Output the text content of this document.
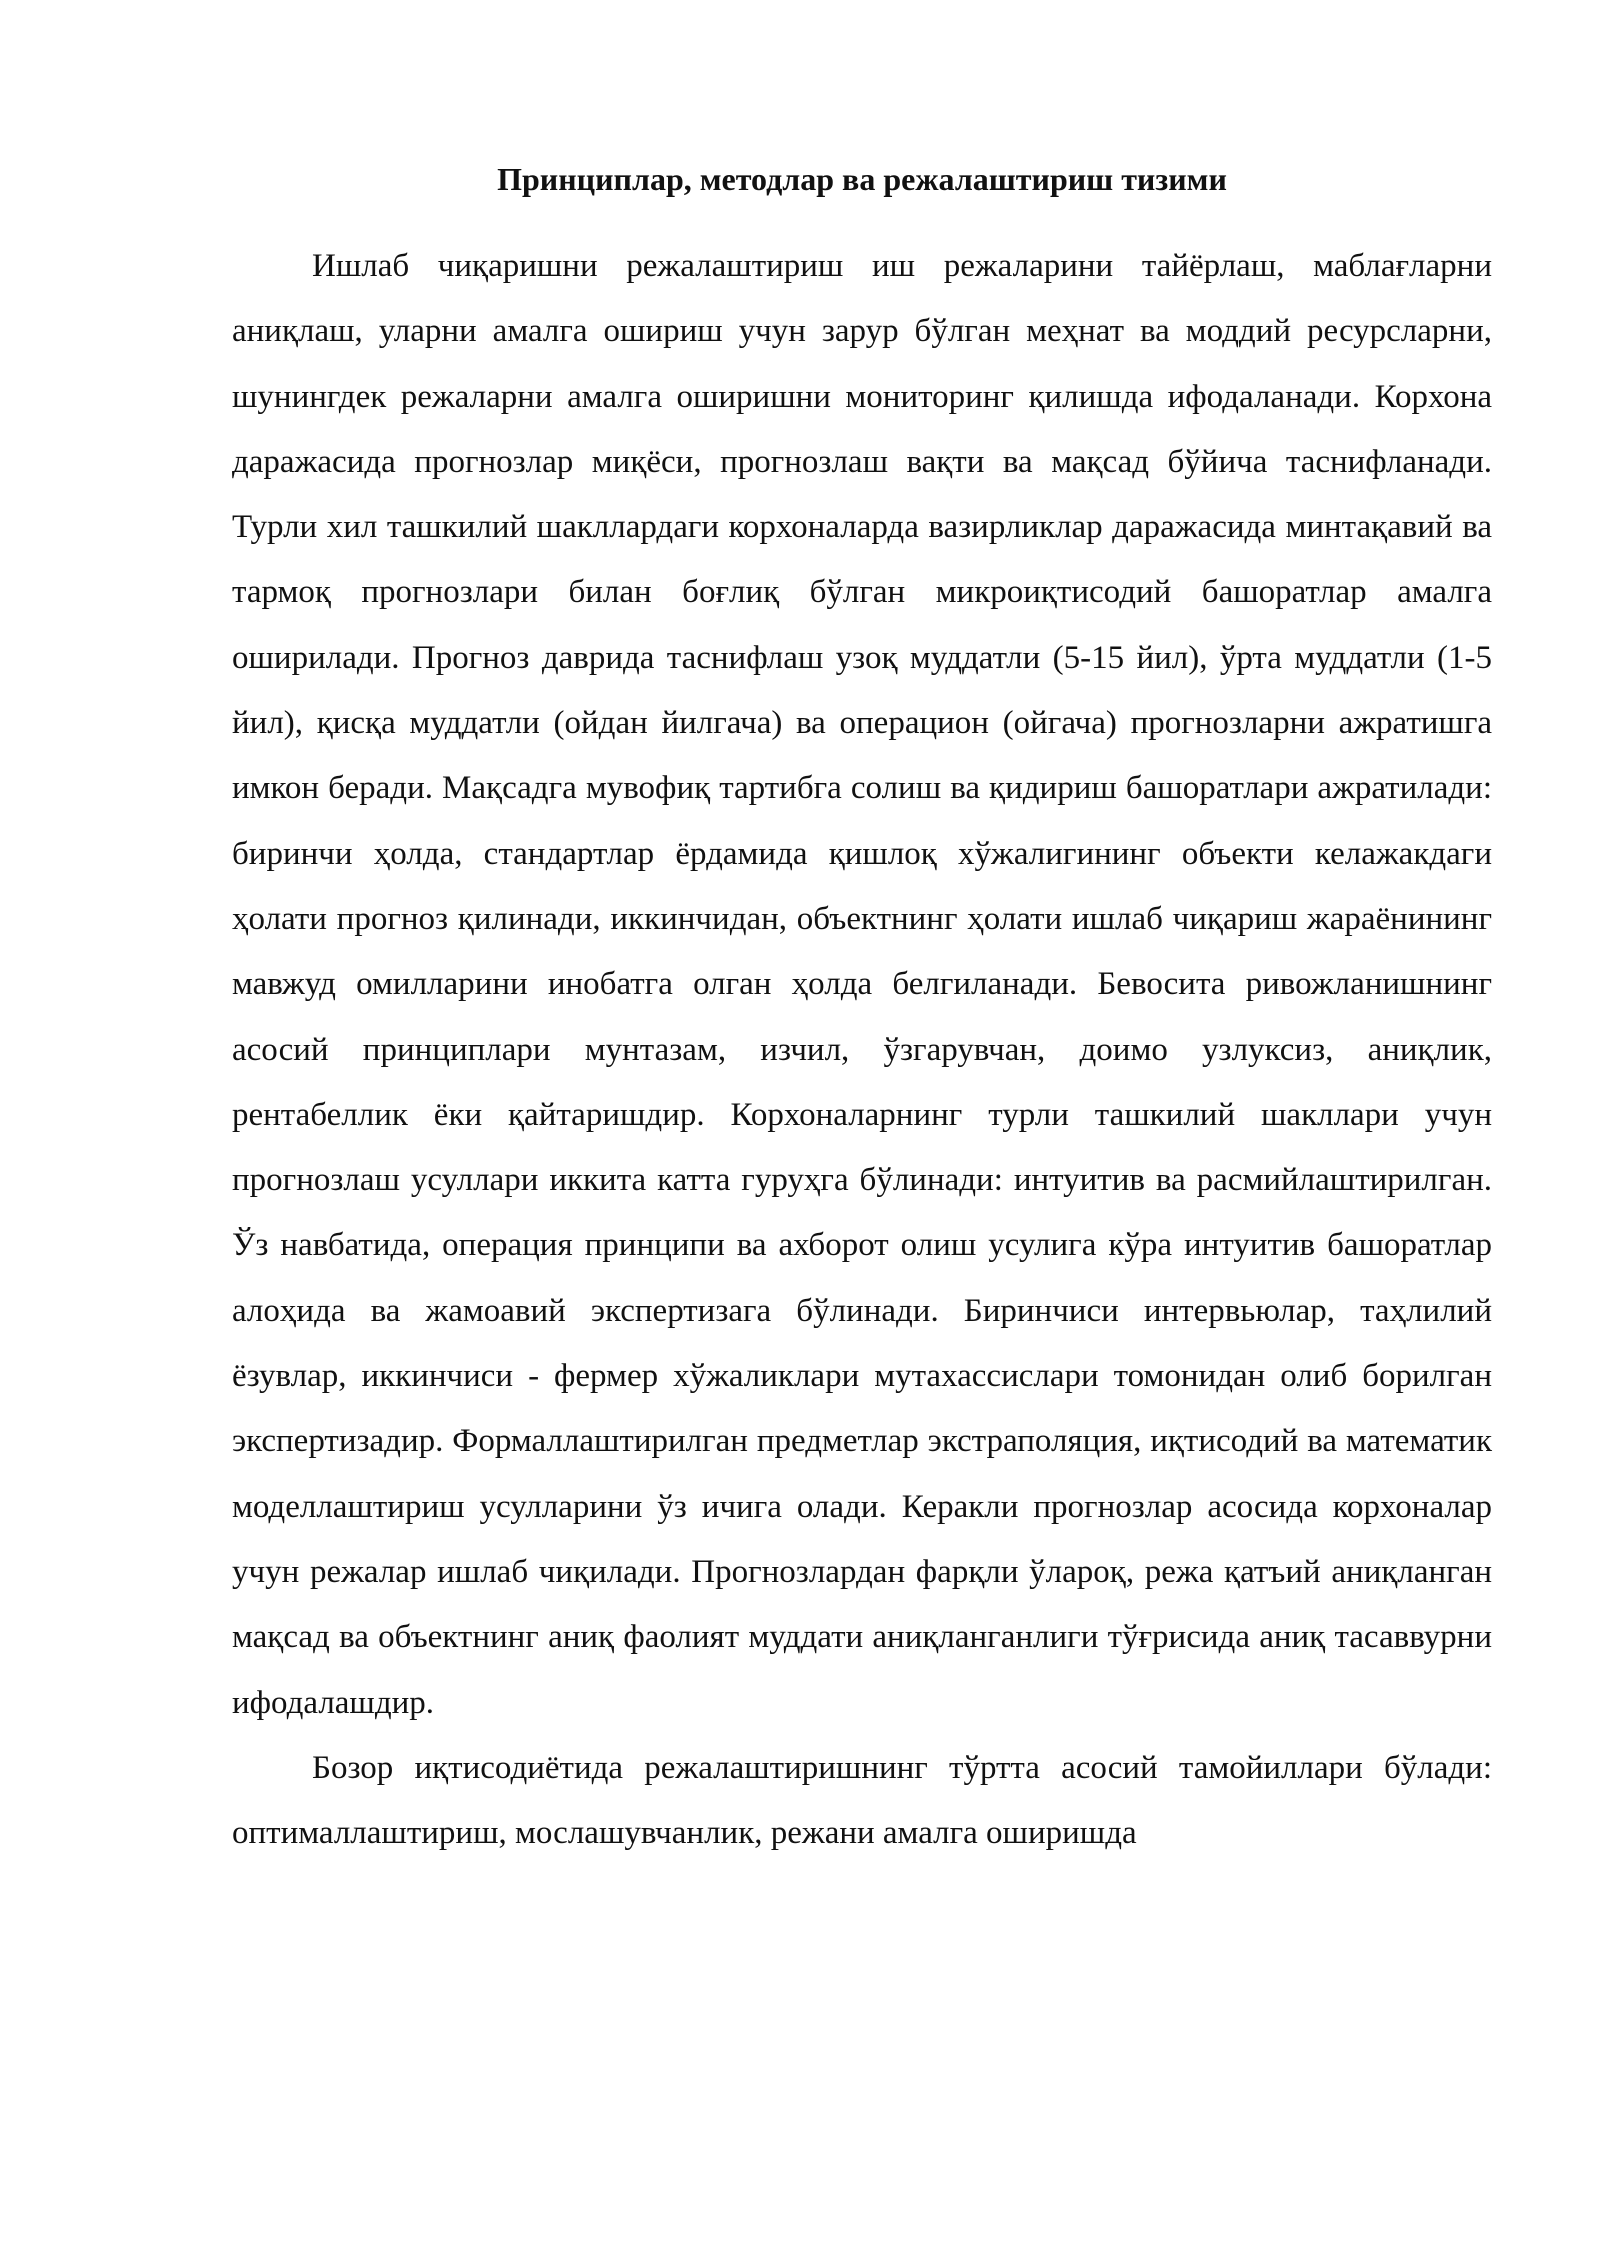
Принциплар, методлар ва режалаштириш тизими

Ишлаб чиқаришни режалаштириш иш режаларини тайёрлаш, маблағларни аниқлаш, уларни амалга ошириш учун зарур бўлган меҳнат ва моддий ресурсларни, шунингдек режаларни амалга оширишни мониторинг қилишда ифодаланади. Корхона даражасида прогнозлар миқёси, прогнозлаш вақти ва мақсад бўйича таснифланади. Турли хил ташкилий шакллардаги корхоналарда вазирликлар даражасида минтақавий ва тармоқ прогнозлари билан боғлиқ бўлган микроиқтисодий башоратлар амалга оширилади. Прогноз даврида таснифлаш узоқ муддатли (5-15 йил), ўрта муддатли (1-5 йил), қисқа муддатли (ойдан йилгача) ва операцион (ойгача) прогнозларни ажратишга имкон беради. Мақсадга мувофиқ тартибга солиш ва қидириш башоратлари ажратилади: биринчи ҳолда, стандартлар ёрдамида қишлоқ хўжалигининг объекти келажакдаги ҳолати прогноз қилинади, иккинчидан, объектнинг ҳолати ишлаб чиқариш жараёнининг мавжуд омилларини инобатга олган ҳолда белгиланади. Бевосита ривожланишнинг асосий принциплари мунтазам, изчил, ўзгарувчан, доимо узлуксиз, аниқлик, рентабеллик ёки қайтаришдир. Корхоналарнинг турли ташкилий шакллари учун прогнозлаш усуллари иккита катта гуруҳга бўлинади: интуитив ва расмийлаштирилган. Ўз навбатида, операция принципи ва ахборот олиш усулига кўра интуитив башоратлар алоҳида ва жамоавий экспертизага бўлинади. Биринчиси интервьюлар, таҳлилий ёзувлар, иккинчиси - фермер хўжаликлари мутахассислари томонидан олиб борилган экспертизадир. Формаллаштирилган предметлар экстраполяция, иқтисодий ва математик моделлаштириш усулларини ўз ичига олади. Керакли прогнозлар асосида корхоналар учун режалар ишлаб чиқилади. Прогнозлардан фарқли ўлароқ, режа қатъий аниқланган мақсад ва объектнинг аниқ фаолият муддати аниқланганлиги тўғрисида аниқ тасаввурни ифодалашдир.

Бозор иқтисодиётида режалаштиришнинг тўртта асосий тамойиллари бўлади: оптималлаштириш, мослашувчанлик, режани амалга оширишда
